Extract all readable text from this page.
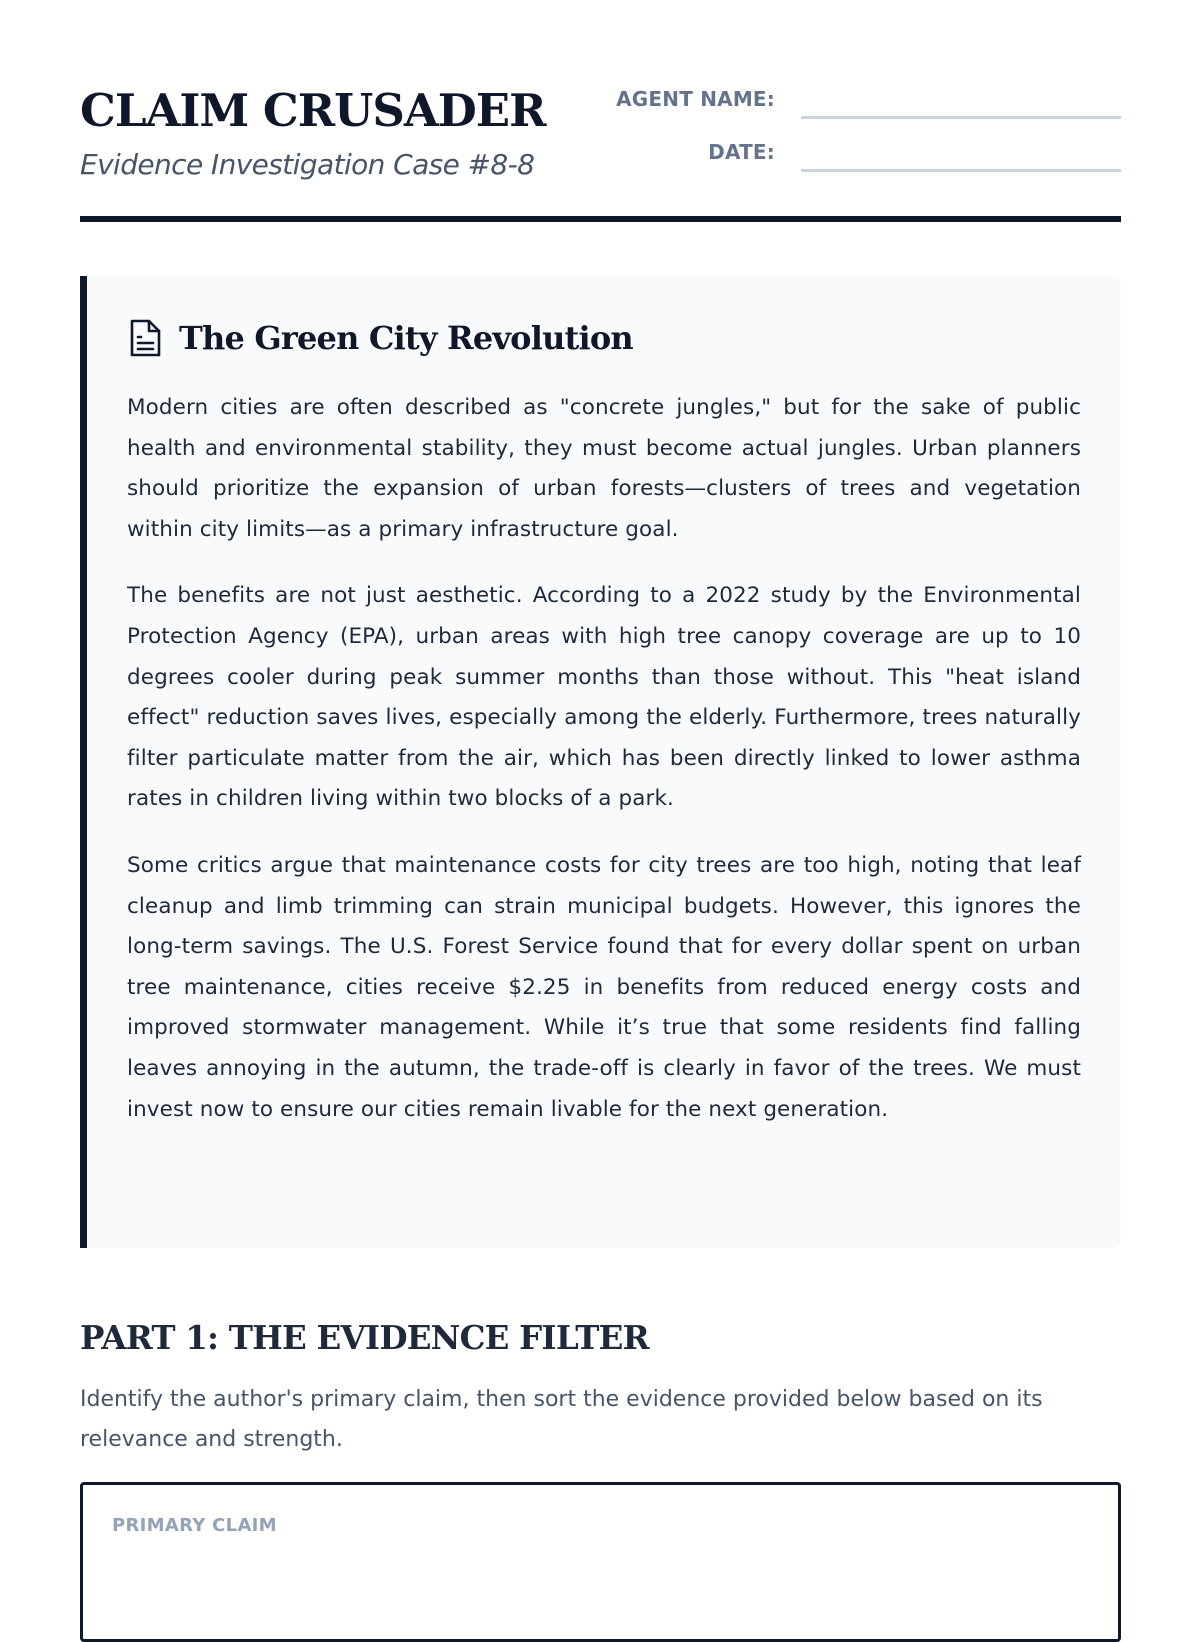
CLAIM CRUSADER

Evidence Investigation Case #8-8

AGENT NAME:
DATE:
The Green City Revolution

Modern cities are often described as "concrete jungles," but for the sake of public health and environmental stability, they must become actual jungles. Urban planners should prioritize the expansion of urban forests—clusters of trees and vegetation within city limits—as a primary infrastructure goal.

The benefits are not just aesthetic. According to a 2022 study by the Environmental Protection Agency (EPA), urban areas with high tree canopy coverage are up to 10 degrees cooler during peak summer months than those without. This "heat island effect" reduction saves lives, especially among the elderly. Furthermore, trees naturally filter particulate matter from the air, which has been directly linked to lower asthma rates in children living within two blocks of a park.

Some critics argue that maintenance costs for city trees are too high, noting that leaf cleanup and limb trimming can strain municipal budgets. However, this ignores the long-term savings. The U.S. Forest Service found that for every dollar spent on urban tree maintenance, cities receive $2.25 in benefits from reduced energy costs and improved stormwater management. While it’s true that some residents find falling leaves annoying in the autumn, the trade-off is clearly in favor of the trees. We must invest now to ensure our cities remain livable for the next generation.

PART 1: THE EVIDENCE FILTER

Identify the author's primary claim, then sort the evidence provided below based on its relevance and strength.

PRIMARY CLAIM
